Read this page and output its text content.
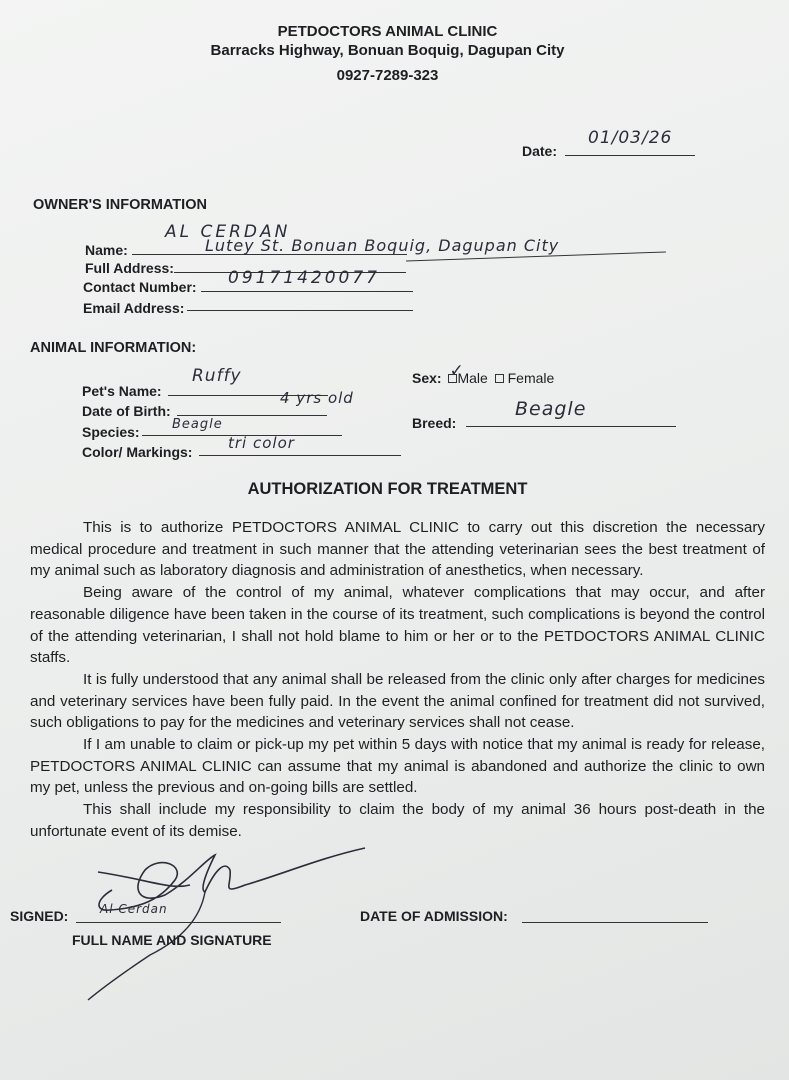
PETDOCTORS ANIMAL CLINIC
Barracks Highway, Bonuan Boquig, Dagupan City
0927-7289-323
Date:
01/03/26
OWNER'S INFORMATION
Name:
AL CERDAN
Full Address:
Lutey St. Bonuan Boquig, Dagupan City
Contact Number: 09171420077
Email Address:
ANIMAL INFORMATION:
Pet's Name:
Ruffy
Date of Birth:
4 yrs old
Species: Beagle
Color/ Markings: tri color
Sex: ✓
Male Female
Breed:
Beagle
AUTHORIZATION FOR TREATMENT

This is to authorize PETDOCTORS ANIMAL CLINIC to carry out this discretion the necessary medical procedure and treatment in such manner that the attending veterinarian sees the best treatment of my animal such as laboratory diagnosis and administration of anesthetics, when necessary.

Being aware of the control of my animal, whatever complications that may occur, and after reasonable diligence have been taken in the course of its treatment, such complications is beyond the control of the attending veterinarian, I shall not hold blame to him or her or to the PETDOCTORS ANIMAL CLINIC staffs.

It is fully understood that any animal shall be released from the clinic only after charges for medicines and veterinary services have been fully paid. In the event the animal confined for treatment did not survived, such obligations to pay for the medicines and veterinary services shall not cease.

If I am unable to claim or pick-up my pet within 5 days with notice that my animal is ready for release, PETDOCTORS ANIMAL CLINIC can assume that my animal is abandoned and authorize the clinic to own my pet, unless the previous and on-going bills are settled.

This shall include my responsibility to claim the body of my animal 36 hours post-death in the unfortunate event of its demise.

SIGNED:	Al Cerdan
FULL NAME AND SIGNATURE
DATE OF ADMISSION:
